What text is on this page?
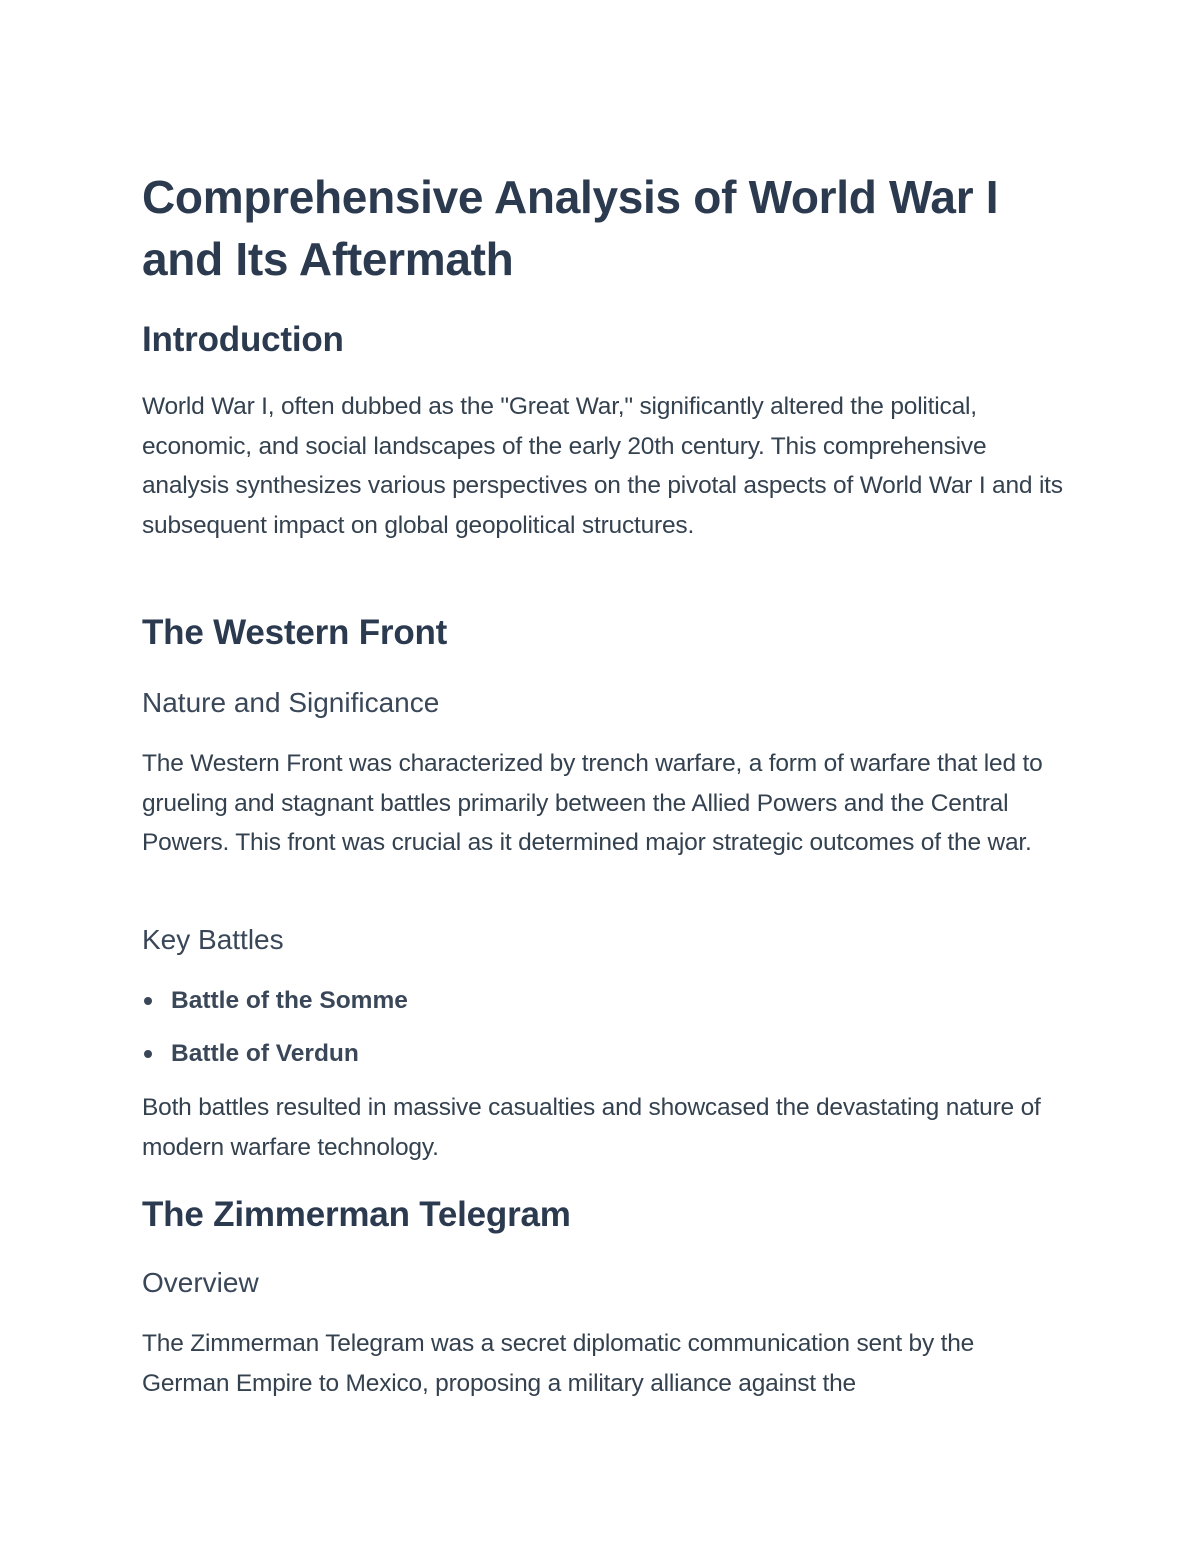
Comprehensive Analysis of World War I and Its Aftermath
Introduction

World War I, often dubbed as the "Great War," significantly altered the political, economic, and social landscapes of the early 20th century. This comprehensive analysis synthesizes various perspectives on the pivotal aspects of World War I and its subsequent impact on global geopolitical structures.

The Western Front
Nature and Significance

The Western Front was characterized by trench warfare, a form of warfare that led to grueling and stagnant battles primarily between the Allied Powers and the Central Powers. This front was crucial as it determined major strategic outcomes of the war.

Key Battles
Battle of the Somme
Battle of Verdun

Both battles resulted in massive casualties and showcased the devastating nature of modern warfare technology.

The Zimmerman Telegram
Overview

The Zimmerman Telegram was a secret diplomatic communication sent by the German Empire to Mexico, proposing a military alliance against the
